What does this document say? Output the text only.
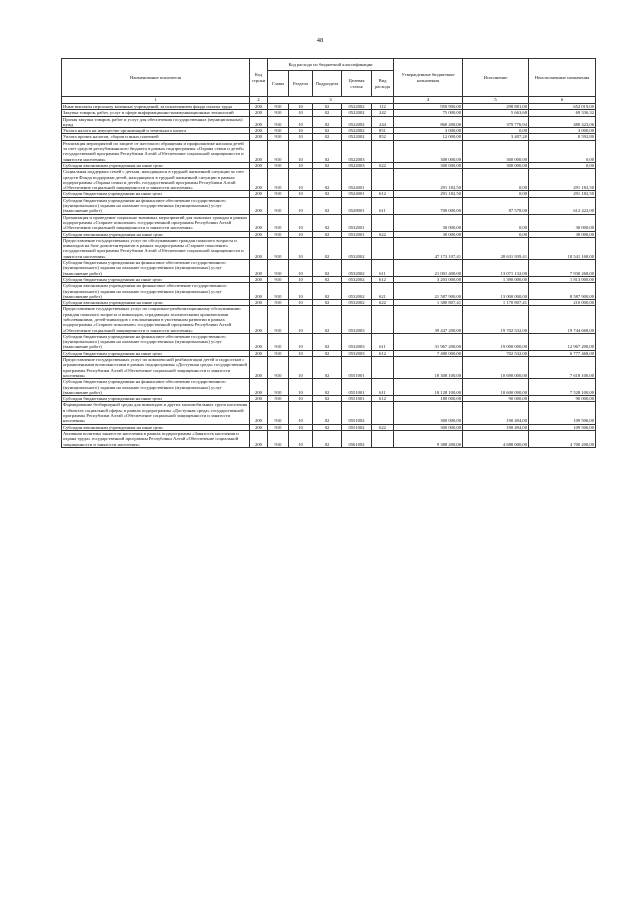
48
Наименование показателя	Код строки	Код расхода по бюджетной классификации					Утвержденные бюджетные назначения	Исполнение	Неисполненные назначения
		Главы	Раздела	Подраздела	Целевая статья	Вид расхода			
1	2	3					4	5	6
Иные выплаты персоналу казенных учреждений, за исключением фонда оплаты труда	200	910	10	02	0522002	112	950 900,00	298 881,00	652 019,00
Закупка товаров, работ, услуг в сфере информационно-коммуникационных технологий	200	910	10	02	0522002	242	75 000,00	5 663,68	69 336,32
Прочая закупка товаров, работ и услуг для обеспечения государственных (муниципальных) нужд	200	910	10	02	0522002	244	860 200,00	379 776,94	480 423,06
Уплата налога на имущество организаций и земельного налога	200	910	10	02	0522002	851	3 000,00	0,00	3 000,00
Уплата прочих налогов, сборов и иных платежей	200	910	10	02	0522002	852	12 000,00	3 407,20	8 592,80
Реализация мероприятий по защите от жестокого обращения и профилактике насилия детей за счет средств республиканского бюджета в рамках подпрограммы «Охрана семьи и детей» государственной программы Республики Алтай «Обеспечение социальной защищенности и занятости населения»	200	910	10	02	0522003		300 000,00	300 000,00	0,00
Субсидии автономным учреждениям на иные цели	200	910	10	02	0522003	622	300 000,00	300 000,00	0,00
Социальная поддержка семей с детьми, находящихся в трудной жизненной ситуации за счет средств Фонда поддержки детей, находящихся в трудной жизненной ситуации в рамках подпрограммы «Охрана семьи и детей» государственной программы Республики Алтай «Обеспечение социальной защищенности и занятости населения»	200	910	10	02	0524001		291 182,50	0,00	291 182,50
Субсидии бюджетным учреждениям на иные цели	200	910	10	02	0524001	612	291 182,50	0,00	291 182,50
Субсидии бюджетным учреждениям на финансовое обеспечение государственного (муниципального) задания на оказание государственных (муниципальных) услуг (выполнение работ)	200	910	10	02	0528001	611	700 000,00	87 578,00	612 422,00
Организация и проведение социально значимых мероприятий для пожилых граждан в рамках подпрограммы «Старшее поколение» государственной программы Республики Алтай «Обеспечение социальной защищенности и занятости населения»	200	910	10	02	0532001		30 000,00	0,00	30 000,00
Субсидии автономным учреждениям на иные цели	200	910	10	02	0532001	622	30 000,00	0,00	30 000,00
Предоставление государственных услуг по обслуживанию граждан пожилого возраста и инвалидов на базе домов-интернатов в рамках подпрограммы «Старшее поколение» государственной программы Республики Алтай «Обеспечение социальной защищенности и занятости населения»	200	910	10	02	0532002		47 173 107,41	28 631 939,41	18 541 168,00
Субсидии бюджетным учреждениям на финансовое обеспечение государственного (муниципального) задания на оказание государственных (муниципальных) услуг (выполнение работ)	200	910	10	02	0532002	611	21 001 400,00	13 071 132,00	7 930 268,00
Субсидии бюджетным учреждениям на иные цели	200	910	10	02	0532002	612	3 203 000,00	1 390 000,00	1 813 000,00
Субсидии автономным учреждениям на финансовое обеспечение государственного (муниципального) задания на оказание государственных (муниципальных) услуг (выполнение работ)	200	910	10	02	0532002	621	21 587 900,00	13 000 000,00	8 587 900,00
Субсидии автономным учреждениям на иные цели	200	910	10	02	0532002	622	1 380 807,41	1 170 807,41	210 000,00
Предоставление государственных услуг по социально-реабилитационному обслуживанию граждан пожилого возраста и инвалидов, страдающих психическими хроническими заболеваниями, детей-инвалидов с отклонениями в умственном развитии в рамках подпрограммы «Старшее поколение» государственной программы Республики Алтай «Обеспечение социальной защищенности и занятости населения»	200	910	10	02	0532003		39 447 200,00	19 702 532,00	19 744 668,00
Субсидии бюджетным учреждениям на финансовое обеспечение государственного (муниципального) задания на оказание государственных (муниципальных) услуг (выполнение работ)	200	910	10	02	0532003	611	31 967 200,00	19 000 000,00	12 967 200,00
Субсидии бюджетным учреждениям на иные цели	200	910	10	02	0532003	612	7 480 000,00	702 532,00	6 777 468,00
Предоставление государственных услуг по комплексной реабилитации детей и подростков с ограниченными возможностями в рамках подпрограммы «Доступная среда» государственной программы Республики Алтай «Обеспечение социальной защищенности и занятости населения»	200	910	10	02	0551001		18 308 100,00	10 690 000,00	7 618 100,00
Субсидии бюджетным учреждениям на финансовое обеспечение государственного (муниципального) задания на оказание государственных (муниципальных) услуг (выполнение работ)	200	910	10	02	0551001	611	18 128 100,00	10 600 000,00	7 528 100,00
Субсидии бюджетным учреждениям на иные цели	200	910	10	02	0551001	612	180 000,00	90 000,00	90 000,00
Формирование безбарьерной среды для инвалидов и других маломобильных групп населения в объектах социальной сферы, в рамках подпрограммы «Доступная среда» государственной программы Республики Алтай «Обеспечение социальной защищенности и занятости населения»	200	910	10	02	0551002		300 000,00	190 494,00	109 506,00
Субсидии автономным учреждениям на иные цели	200	910	10	02	0551002	622	300 000,00	190 494,00	109 506,00
Активная политика занятости населения в рамках подпрограммы «Занятость населения и охрана труда» государственной программы Республики Алтай «Обеспечение социальной защищенности и занятости населения»	200	910	10	02	0561002		9 388 200,00	4 688 000,00	4 700 200,00
